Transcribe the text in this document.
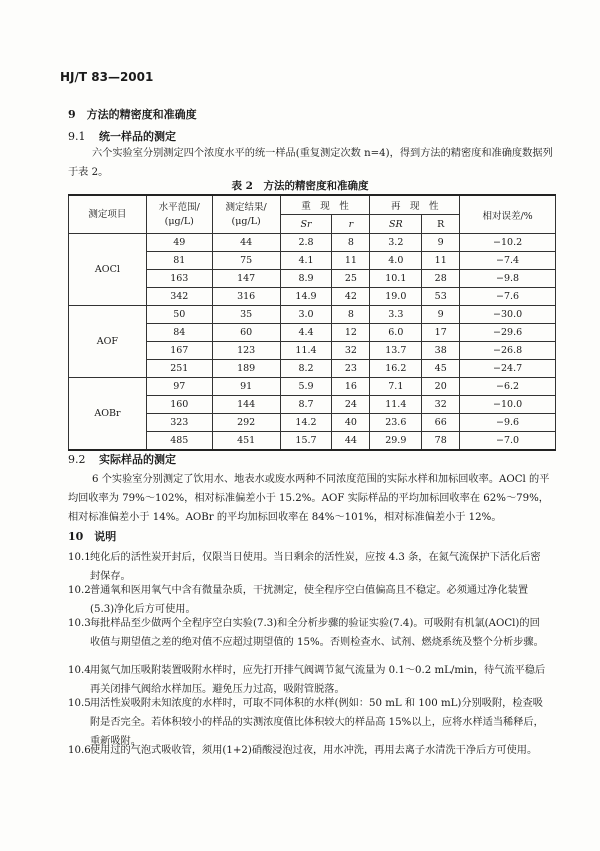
HJ/T 83—2001
9　方法的精密度和准确度
9.1 统一样品的测定
六个实验室分别测定四个浓度水平的统一样品(重复测定次数 n=4)，得到方法的精密度和准确度数据列于表 2。
表 2　方法的精密度和准确度
测定项目	水平范围/ (μg/L)	测定结果/ (μg/L)	重　现　性		再　现　性		相对误差/%
			Sr	r	SR	R	
AOCl	49	44	2.8	8	3.2	9	−10.2
	81	75	4.1	11	4.0	11	−7.4
	163	147	8.9	25	10.1	28	−9.8
	342	316	14.9	42	19.0	53	−7.6
AOF	50	35	3.0	8	3.3	9	−30.0
	84	60	4.4	12	6.0	17	−29.6
	167	123	11.4	32	13.7	38	−26.8
	251	189	8.2	23	16.2	45	−24.7
AOBr	97	91	5.9	16	7.1	20	−6.2
	160	144	8.7	24	11.4	32	−10.0
	323	292	14.2	40	23.6	66	−9.6
	485	451	15.7	44	29.9	78	−7.0
9.2 实际样品的测定
6 个实验室分别测定了饮用水、地表水或废水两种不同浓度范围的实际水样和加标回收率。AOCl 的平均回收率为 79%～102%，相对标准偏差小于 15.2%。AOF 实际样品的平均加标回收率在 62%～79%，相对标准偏差小于 14%。AOBr 的平均加标回收率在 84%～101%，相对标准偏差小于 12%。
10　说明
10.1 纯化后的活性炭开封后，仅限当日使用。当日剩余的活性炭，应按 4.3 条，在氮气流保护下活化后密封保存。
10.2 普通氧和医用氧气中含有微量杂质，干扰测定，使全程序空白值偏高且不稳定。必须通过净化装置(5.3)净化后方可使用。
10.3 每批样品至少做两个全程序空白实验(7.3)和全分析步骤的验证实验(7.4)。可吸附有机氯(AOCl)的回收值与期望值之差的绝对值不应超过期望值的 15%。否则检查水、试剂、燃烧系统及整个分析步骤。
10.4 用氮气加压吸附装置吸附水样时，应先打开排气阀调节氮气流量为 0.1～0.2 mL/min，待气流平稳后再关闭排气阀给水样加压。避免压力过高，吸附管脱落。
10.5 用活性炭吸附未知浓度的水样时，可取不同体积的水样(例如：50 mL 和 100 mL)分别吸附，检查吸附是否完全。若体积较小的样品的实测浓度值比体积较大的样品高 15%以上，应将水样适当稀释后，重新吸附。
10.6 使用过的气泡式吸收管，须用(1+2)硝酸浸泡过夜，用水冲洗，再用去离子水清洗干净后方可使用。
